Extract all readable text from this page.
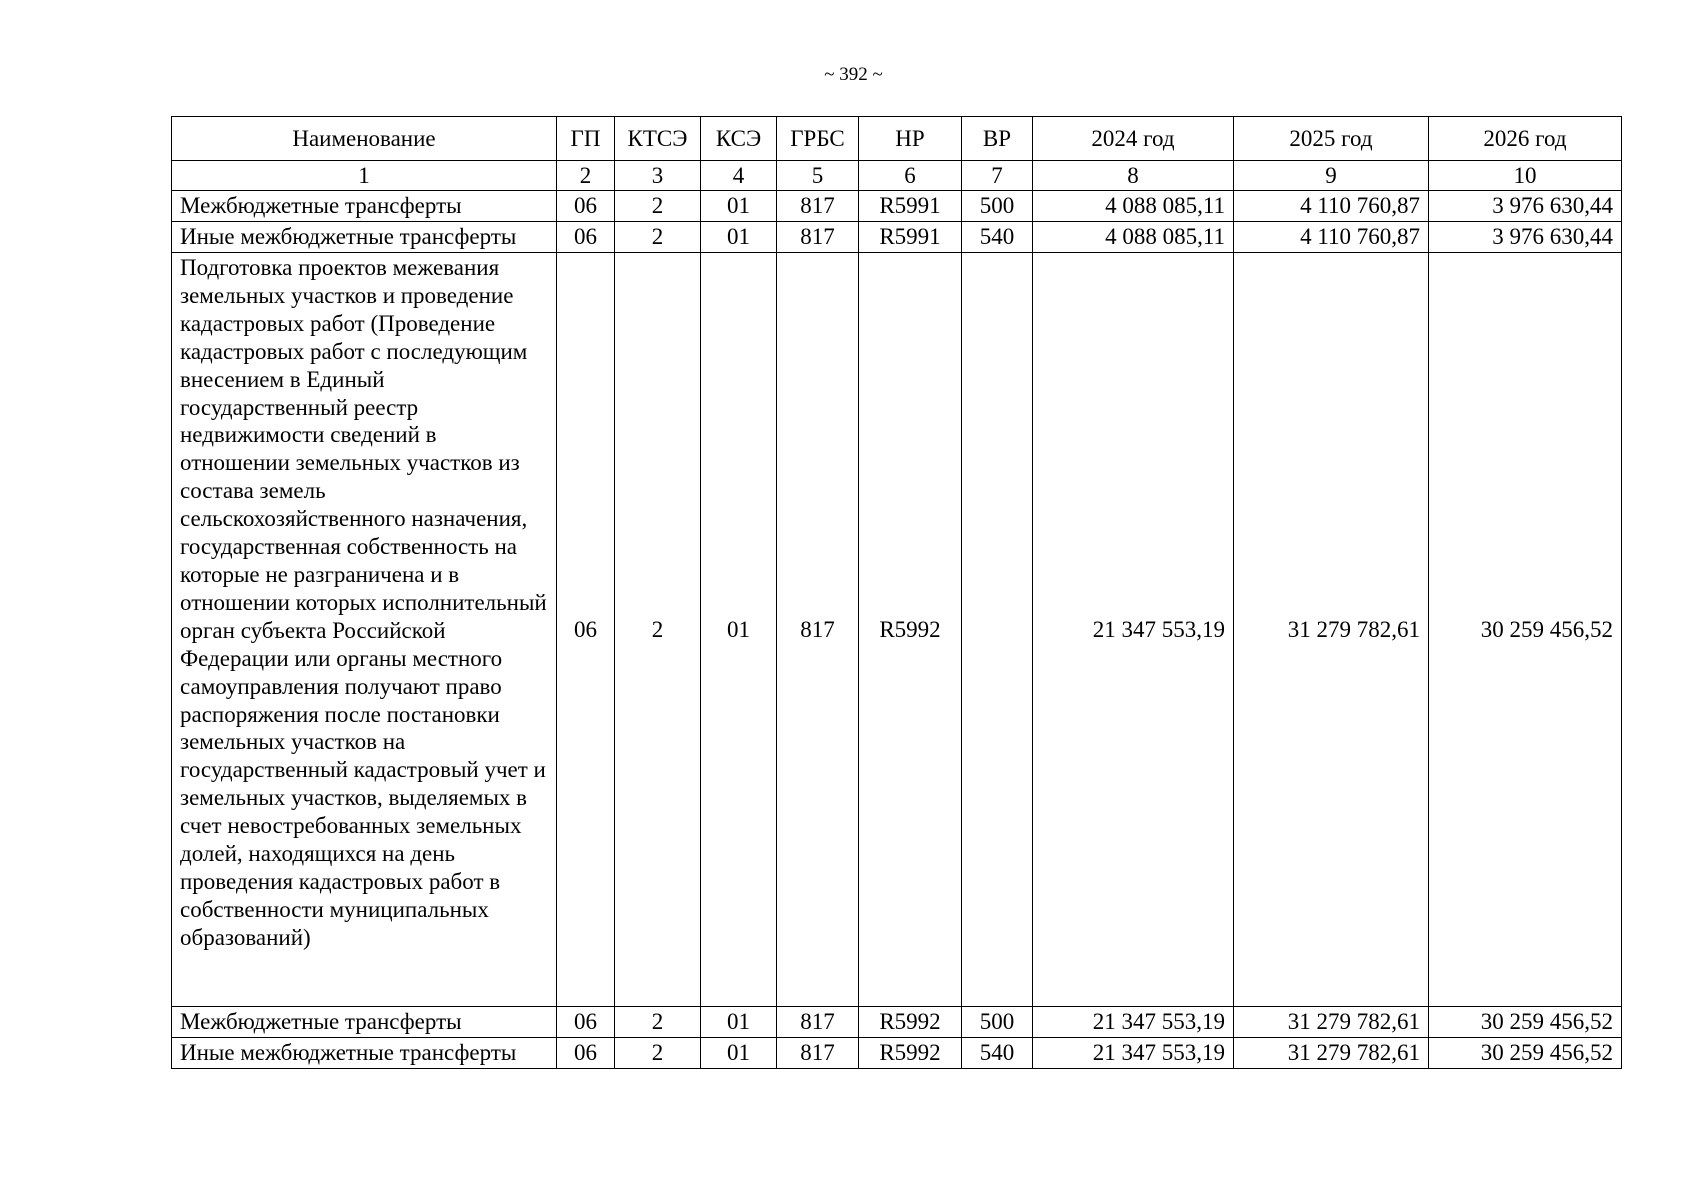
~ 392 ~
Наименование	ГП	КТСЭ	КСЭ	ГРБС	НР	ВР	2024 год	2025 год	2026 год
1	2	3	4	5	6	7	8	9	10
Межбюджетные трансферты	06	2	01	817	R5991	500	4 088 085,11	4 110 760,87	3 976 630,44
Иные межбюджетные трансферты	06	2	01	817	R5991	540	4 088 085,11	4 110 760,87	3 976 630,44
Подготовка проектов межевания земельных участков и проведение кадастровых работ (Проведение кадастровых работ с последующим внесением в Единый государственный реестр недвижимости сведений в отношении земельных участков из состава земель сельскохозяйственного назначения, государственная собственность на которые не разграничена и в отношении которых исполнительный орган субъекта Российской Федерации или органы местного самоуправления получают право распоряжения после постановки земельных участков на государственный кадастровый учет и земельных участков, выделяемых в счет невостребованных земельных долей, находящихся на день проведения кадастровых работ в собственности муниципальных образований)	06	2	01	817	R5992		21 347 553,19	31 279 782,61	30 259 456,52
Межбюджетные трансферты	06	2	01	817	R5992	500	21 347 553,19	31 279 782,61	30 259 456,52
Иные межбюджетные трансферты	06	2	01	817	R5992	540	21 347 553,19	31 279 782,61	30 259 456,52
